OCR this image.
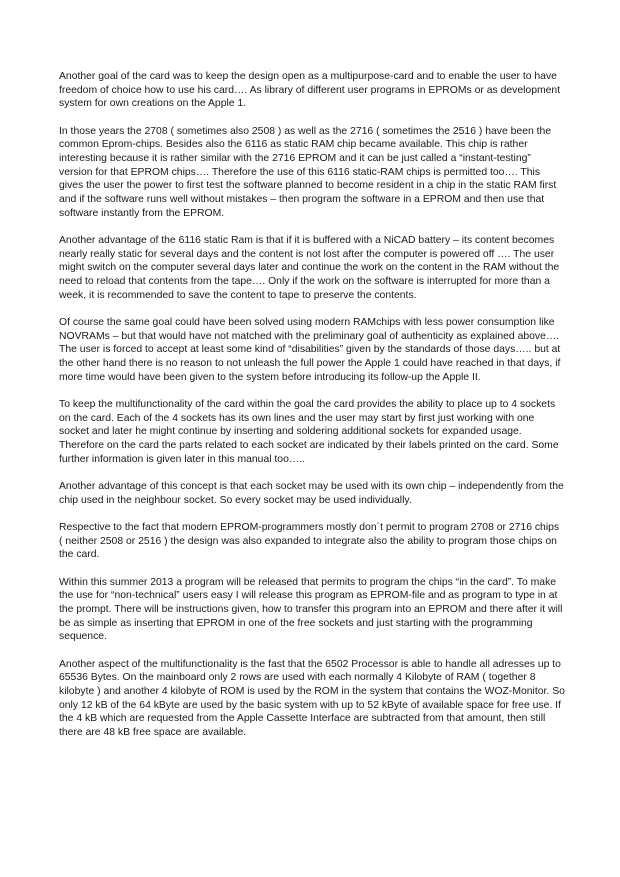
Another goal of the card was to keep the design open as a multipurpose-card and to enable the user to have freedom of choice how to use his card…. As library of different user programs in EPROMs or as development system for own creations on the Apple 1.

In those years the 2708 ( sometimes also 2508 ) as well as the 2716 ( sometimes the 2516 ) have been the common Eprom-chips. Besides also the 6116 as static RAM chip became available. This chip is rather interesting because it is rather similar with the 2716 EPROM and it can be just called a “instant-testing” version for that EPROM chips…. Therefore the use of this 6116 static-RAM chips is permitted too…. This gives the user the power to first test the software planned to become resident in a chip in the static RAM first and if the software runs well without mistakes – then program the software in a EPROM and then use that software instantly from the EPROM.

Another advantage of the 6116 static Ram is that if it is buffered with a NiCAD battery – its content becomes nearly really static for several days and the content is not lost after the computer is powered off …. The user might switch on the computer several days later and continue the work on the content in the RAM without the need to reload that contents from the tape…. Only if the work on the software is interrupted for more than a week, it is recommended to save the content to tape to preserve the contents.

Of course the same goal could have been solved using modern RAMchips with less power consumption like NOVRAMs – but that would have not matched with the preliminary goal of authenticity as explained above…. The user is forced to accept at least some kind of “disabilities” given by the standards of those days….. but at the other hand there is no reason to not unleash the full power the Apple 1 could have reached in that days, if more time would have been given to the system before introducing its follow-up the Apple II.

To keep the multifunctionality of the card within the goal the card provides the ability to place up to 4 sockets on the card. Each of the 4 sockets has its own lines and the user may start by first just working with one socket and later he might continue by inserting and soldering additional sockets for expanded usage. Therefore on the card the parts related to each socket are indicated by their labels printed on the card. Some further information is given later in this manual too…..

Another advantage of this concept is that each socket may be used with its own chip – independently from the chip used in the neighbour socket. So every socket may be used individually.

Respective to the fact that modern EPROM-programmers mostly don´t permit to program 2708 or 2716 chips ( neither 2508 or 2516 ) the design was also expanded to integrate also the ability to program those chips on the card.

Within this summer 2013 a program will be released that permits to program the chips “in the card”. To make the use for “non-technical” users easy I will release this program as EPROM-file and as program to type in at the prompt. There will be instructions given, how to transfer this program into an EPROM and there after it will be as simple as inserting that EPROM in one of the free sockets and just starting with the programming sequence.

Another aspect of the multifunctionality is the fast that the 6502 Processor is able to handle all adresses up to 65536 Bytes. On the mainboard only 2 rows are used with each normally 4 Kilobyte of RAM ( together 8 kilobyte ) and another 4 kilobyte of ROM is used by the ROM in the system that contains the WOZ-Monitor. So only 12 kB of the 64 kByte are used by the basic system with up to 52 kByte of available space for free use. If the 4 kB which are requested from the Apple Cassette Interface are subtracted from that amount, then still there are 48 kB free space are available.
